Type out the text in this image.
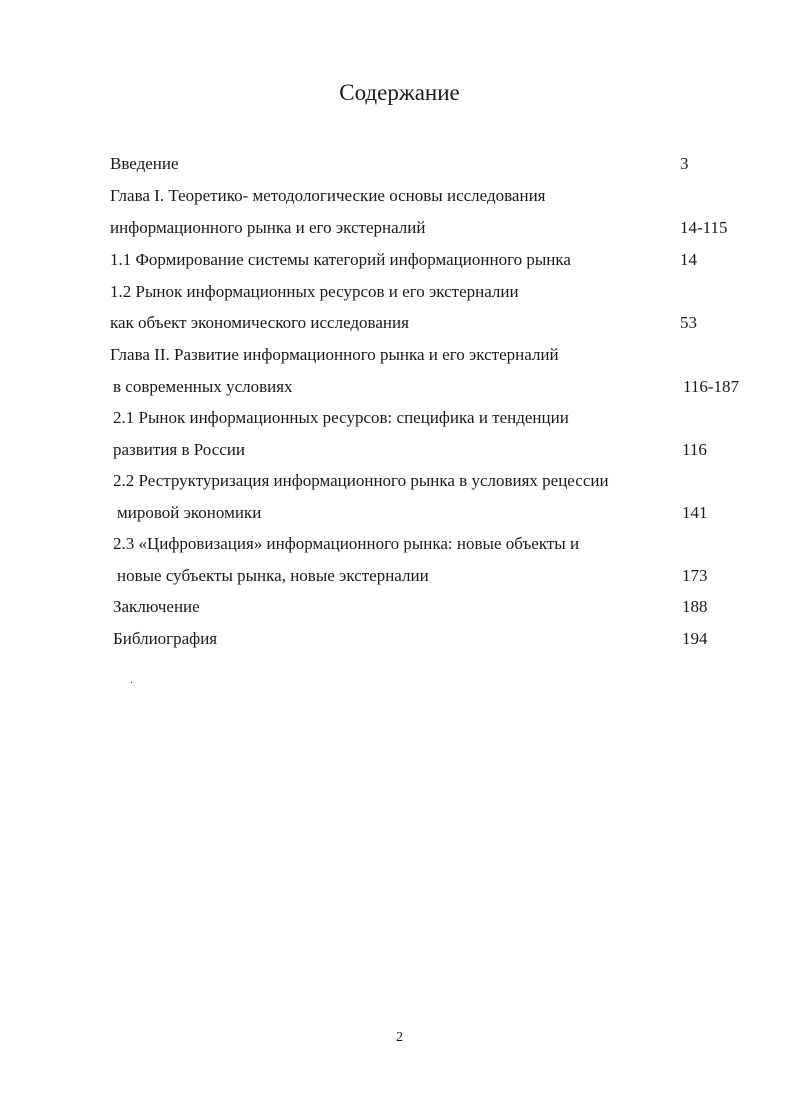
Содержание
Введение	3
Глава I. Теоретико- методологические основы исследования
информационного рынка и его экстерналий	14-115
1.1 Формирование системы категорий информационного рынка	14
1.2 Рынок информационных ресурсов и его экстерналии
как объект экономического исследования	53
Глава II. Развитие информационного рынка и его экстерналий
в современных условиях	116-187
2.1 Рынок информационных ресурсов: специфика и тенденции
развития в России	116
2.2 Реструктуризация информационного рынка в условиях рецессии
мировой экономики	141
2.3 «Цифровизация» информационного рынка: новые объекты и
новые субъекты рынка, новые экстерналии	173
Заключение	188
Библиография	194
.
2
